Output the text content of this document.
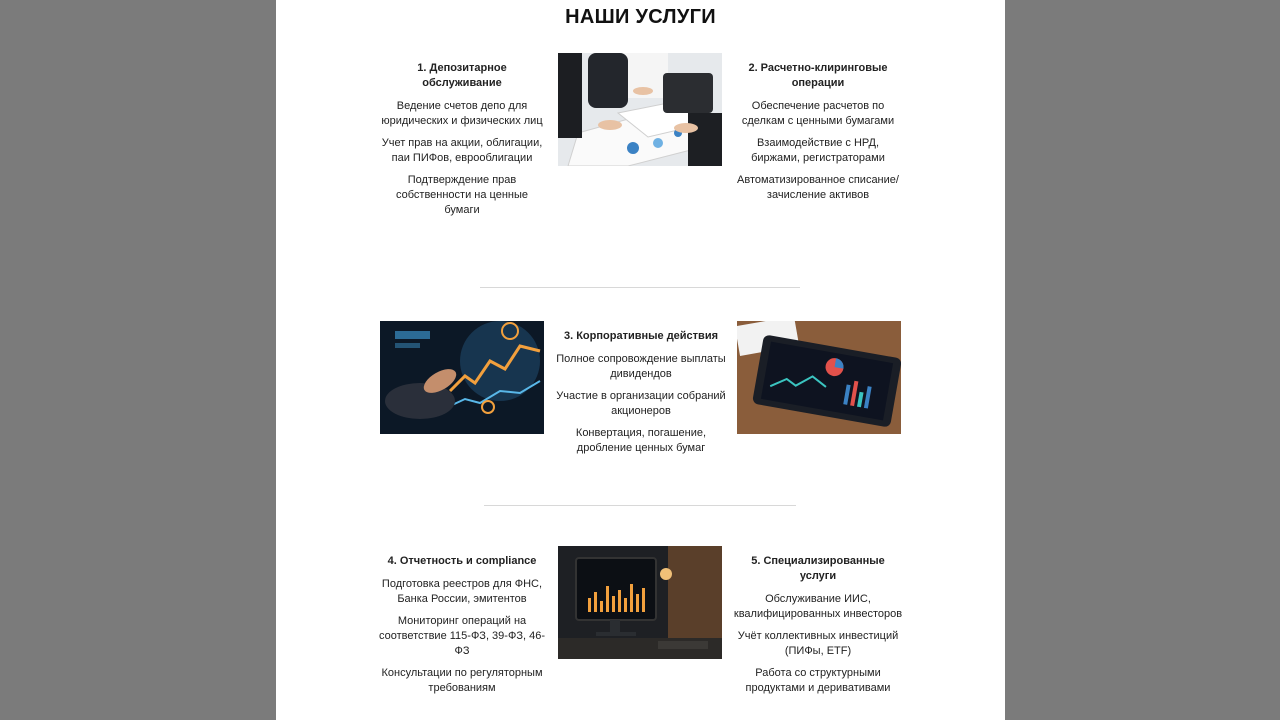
НАШИ УСЛУГИ
1. Депозитарное обслуживание

Ведение счетов депо для юридических и физических лиц

Учет прав на акции, облигации, паи ПИФов, еврооблигации

Подтверждение прав собственности на ценные бумаги

2. Расчетно-клиринговые операции

Обеспечение расчетов по сделкам с ценными бумагами

Взаимодействие с НРД, биржами, регистраторами

Автоматизированное списание/зачисление активов

3. Корпоративные действия

Полное сопровождение выплаты дивидендов

Участие в организации собраний акционеров

Конвертация, погашение, дробление ценных бумаг

4. Отчетность и compliance

Подготовка реестров для ФНС, Банка России, эмитентов

Мониторинг операций на соответствие 115-ФЗ, 39-ФЗ, 46-ФЗ

Консультации по регуляторным требованиям

5. Специализированные услуги

Обслуживание ИИС, квалифицированных инвесторов

Учёт коллективных инвестиций (ПИФы, ETF)

Работа со структурными продуктами и деривативами
